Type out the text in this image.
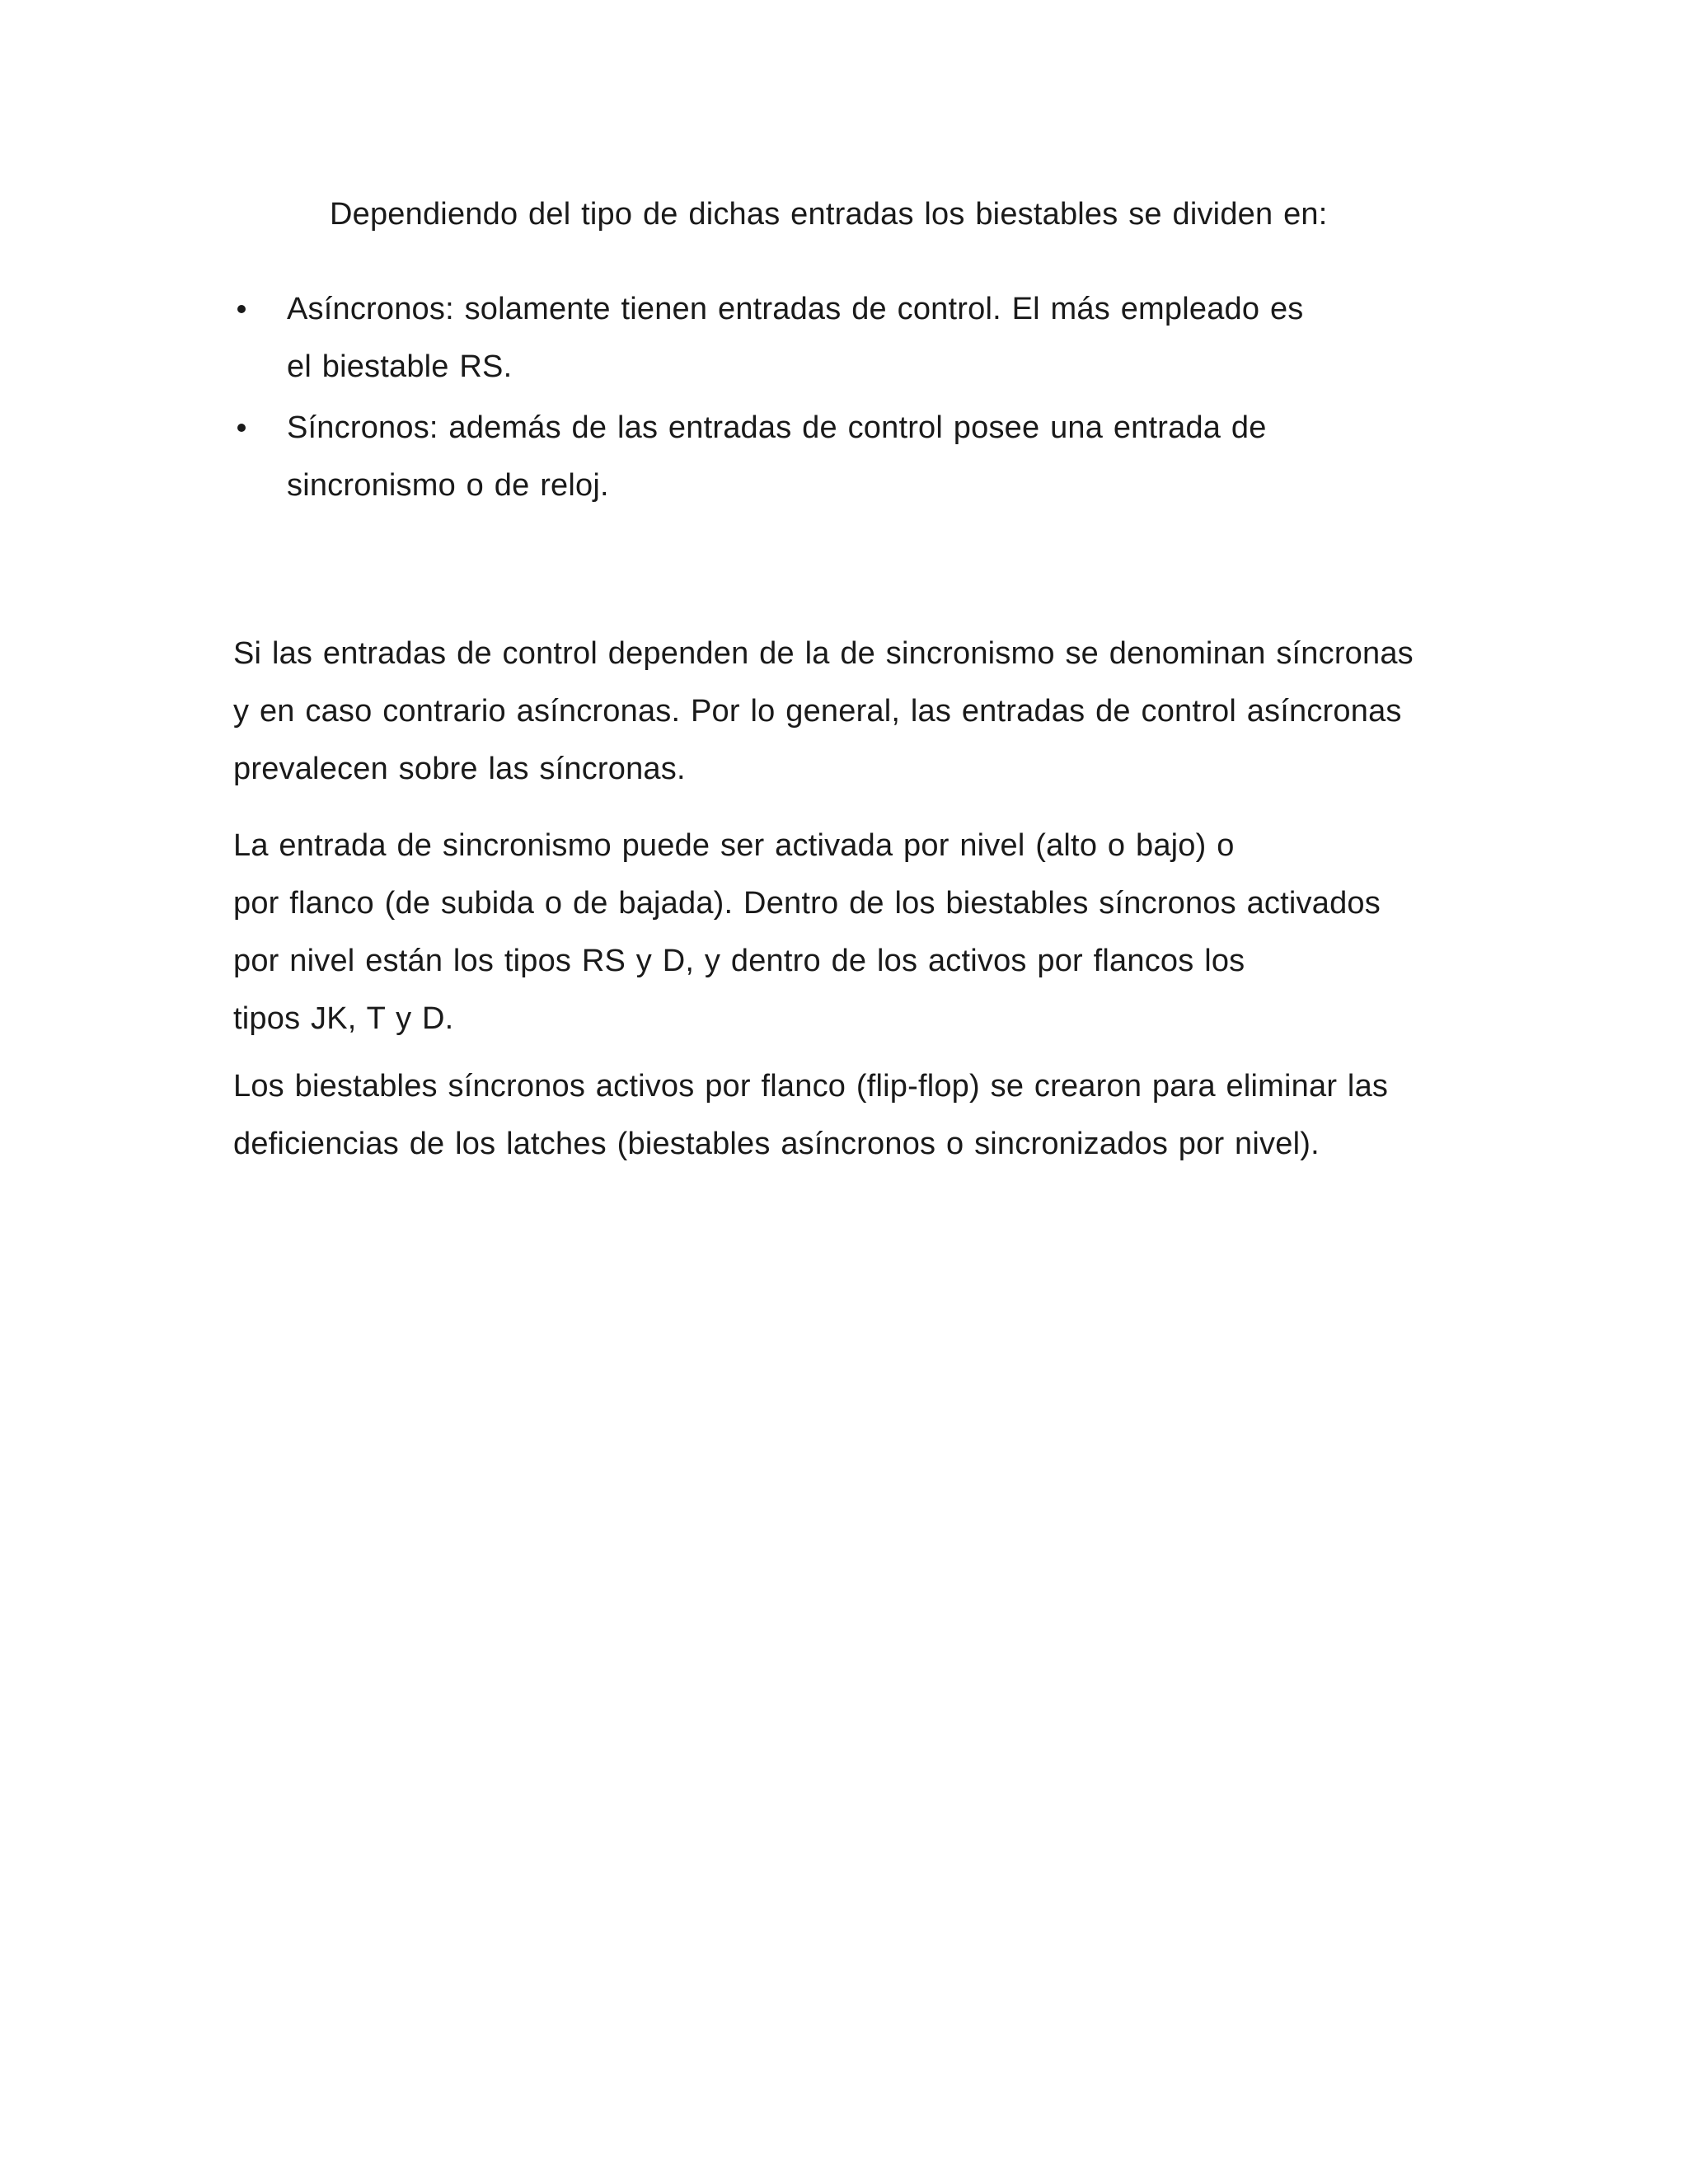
Dependiendo del tipo de dichas entradas los biestables se dividen en:
Asíncronos: solamente tienen entradas de control. El más empleado es
el biestable RS.
Síncronos: además de las entradas de control posee una entrada de
sincronismo o de reloj.

Si las entradas de control dependen de la de sincronismo se denominan síncronas
y en caso contrario asíncronas. Por lo general, las entradas de control asíncronas
prevalecen sobre las síncronas.

La entrada de sincronismo puede ser activada por nivel (alto o bajo) o
por flanco (de subida o de bajada). Dentro de los biestables síncronos activados
por nivel están los tipos RS y D, y dentro de los activos por flancos los
tipos JK, T y D.

Los biestables síncronos activos por flanco (flip-flop) se crearon para eliminar las
deficiencias de los latches (biestables asíncronos o sincronizados por nivel).
